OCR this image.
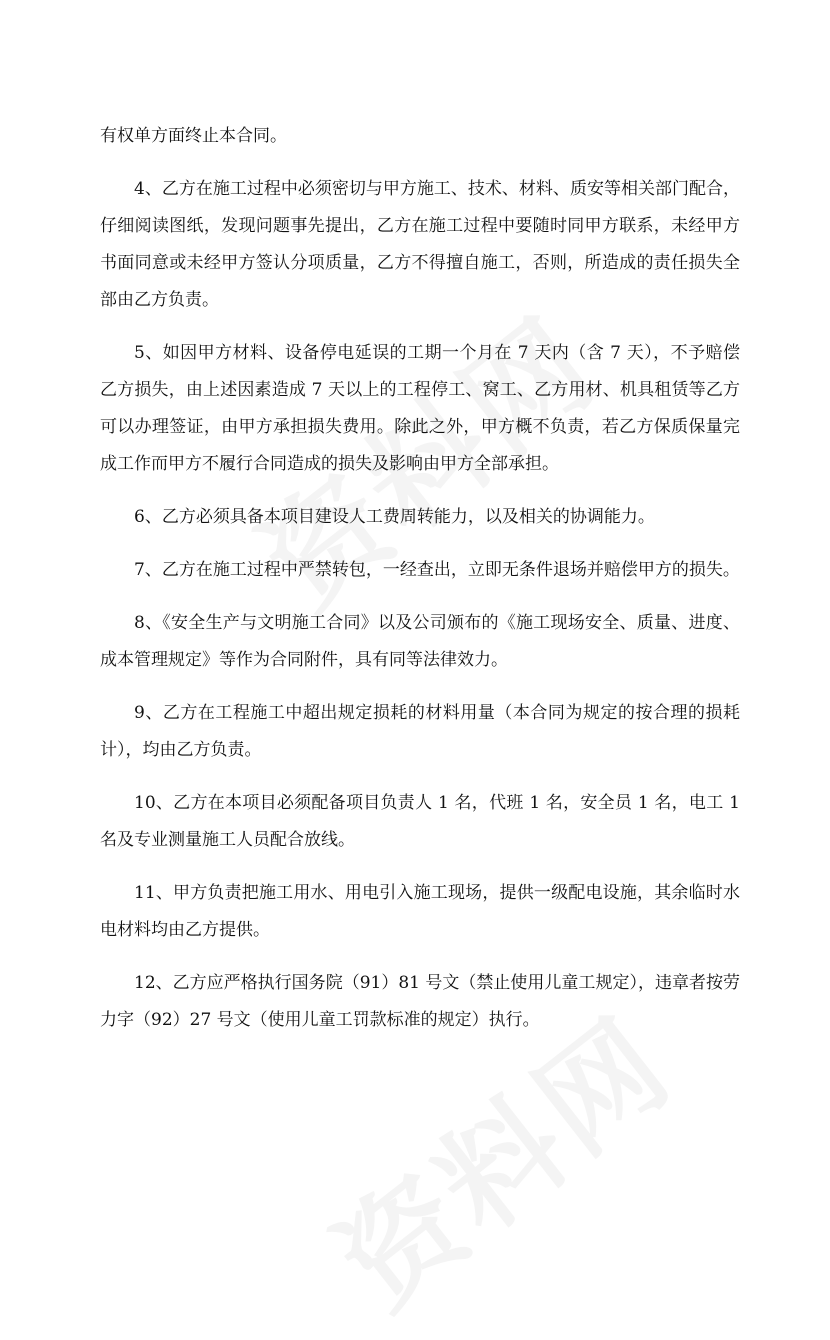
有权单方面终止本合同。

4、乙方在施工过程中必须密切与甲方施工、技术、材料、质安等相关部门配合，仔细阅读图纸，发现问题事先提出，乙方在施工过程中要随时同甲方联系，未经甲方书面同意或未经甲方签认分项质量，乙方不得擅自施工，否则，所造成的责任损失全部由乙方负责。

5、如因甲方材料、设备停电延误的工期一个月在 7 天内（含 7 天），不予赔偿乙方损失，由上述因素造成 7 天以上的工程停工、窝工、乙方用材、机具租赁等乙方可以办理签证，由甲方承担损失费用。除此之外，甲方概不负责，若乙方保质保量完成工作而甲方不履行合同造成的损失及影响由甲方全部承担。

6、乙方必须具备本项目建设人工费周转能力，以及相关的协调能力。

7、乙方在施工过程中严禁转包，一经查出，立即无条件退场并赔偿甲方的损失。

8、《安全生产与文明施工合同》以及公司颁布的《施工现场安全、质量、进度、成本管理规定》等作为合同附件，具有同等法律效力。

9、乙方在工程施工中超出规定损耗的材料用量（本合同为规定的按合理的损耗计），均由乙方负责。

10、乙方在本项目必须配备项目负责人 1 名，代班 1 名，安全员 1 名，电工 1 名及专业测量施工人员配合放线。

11、甲方负责把施工用水、用电引入施工现场，提供一级配电设施，其余临时水电材料均由乙方提供。

12、乙方应严格执行国务院（91）81 号文（禁止使用儿童工规定），违章者按劳力字（92）27 号文（使用儿童工罚款标准的规定）执行。
